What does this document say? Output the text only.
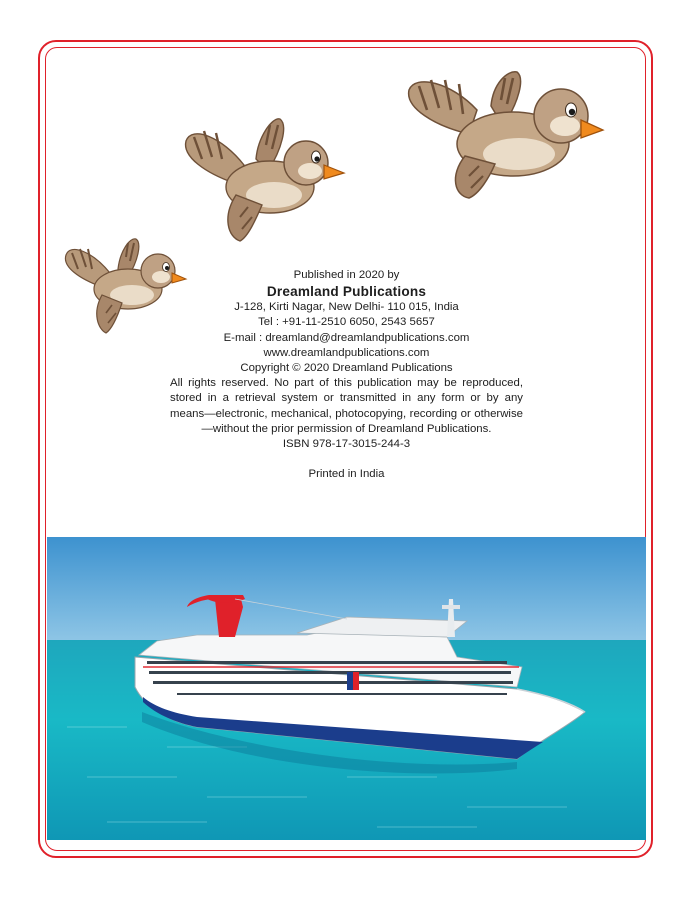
Published in 2020 by
Dreamland Publications
J-128, Kirti Nagar, New Delhi- 110 015, India
Tel : +91-11-2510 6050, 2543 5657
E-mail : dreamland@dreamlandpublications.com
www.dreamlandpublications.com
Copyright © 2020 Dreamland Publications
All rights reserved. No part of this publication may be reproduced, stored in a retrieval system or transmitted in any form or by any means—electronic, mechanical, photocopying, recording or otherwise—without the prior permission of Dreamland Publications.
ISBN 978-17-3015-244-3
Printed in India
